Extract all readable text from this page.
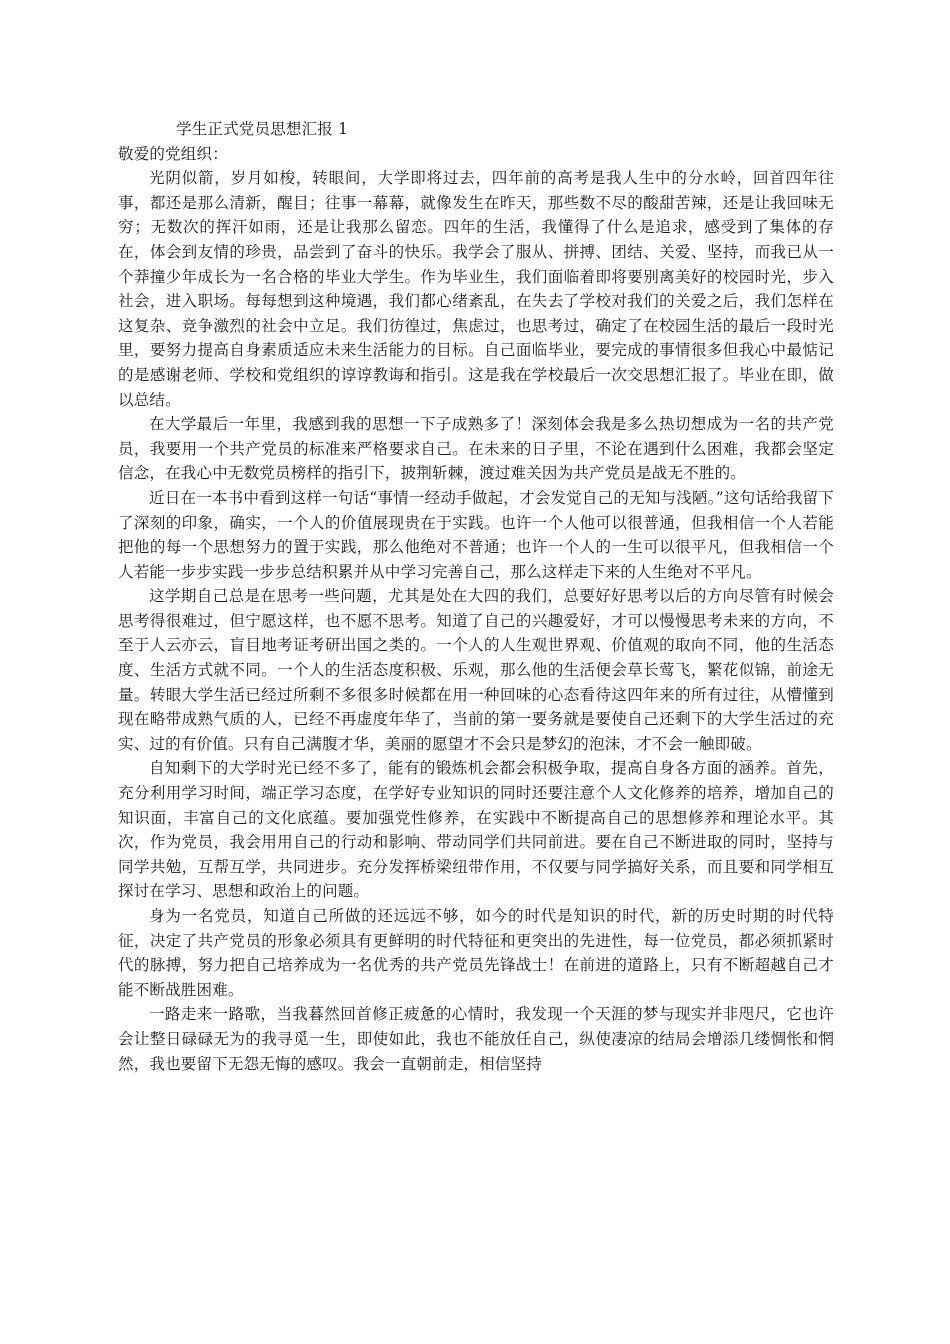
学生正式党员思想汇报 1

敬爱的党组织：

光阴似箭，岁月如梭，转眼间，大学即将过去，四年前的高考是我人生中的分水岭，回首四年往事，都还是那么清新，醒目；往事一幕幕，就像发生在昨天，那些数不尽的酸甜苦辣，还是让我回味无穷；无数次的挥汗如雨，还是让我那么留恋。四年的生活，我懂得了什么是追求，感受到了集体的存在，体会到友情的珍贵，品尝到了奋斗的快乐。我学会了服从、拼搏、团结、关爱、坚持，而我已从一个莽撞少年成长为一名合格的毕业大学生。作为毕业生，我们面临着即将要别离美好的校园时光，步入社会，进入职场。每每想到这种境遇，我们都心绪紊乱，在失去了学校对我们的关爱之后，我们怎样在这复杂、竞争激烈的社会中立足。我们彷徨过，焦虑过，也思考过，确定了在校园生活的最后一段时光里，要努力提高自身素质适应未来生活能力的目标。自己面临毕业，要完成的事情很多但我心中最惦记的是感谢老师、学校和党组织的谆谆教诲和指引。这是我在学校最后一次交思想汇报了。毕业在即，做以总结。

在大学最后一年里，我感到我的思想一下子成熟多了！深刻体会我是多么热切想成为一名的共产党员，我要用一个共产党员的标准来严格要求自己。在未来的日子里，不论在遇到什么困难，我都会坚定信念，在我心中无数党员榜样的指引下，披荆斩棘，渡过难关因为共产党员是战无不胜的。

近日在一本书中看到这样一句话“事情一经动手做起，才会发觉自己的无知与浅陋。”这句话给我留下了深刻的印象，确实，一个人的价值展现贵在于实践。也许一个人他可以很普通，但我相信一个人若能把他的每一个思想努力的置于实践，那么他绝对不普通；也许一个人的一生可以很平凡，但我相信一个人若能一步步实践一步步总结积累并从中学习完善自己，那么这样走下来的人生绝对不平凡。

这学期自己总是在思考一些问题，尤其是处在大四的我们，总要好好思考以后的方向尽管有时候会思考得很难过，但宁愿这样，也不愿不思考。知道了自己的兴趣爱好，才可以慢慢思考未来的方向，不至于人云亦云，盲目地考证考研出国之类的。一个人的人生观世界观、价值观的取向不同，他的生活态度、生活方式就不同。一个人的生活态度积极、乐观，那么他的生活便会草长莺飞，繁花似锦，前途无量。转眼大学生活已经过所剩不多很多时候都在用一种回味的心态看待这四年来的所有过往，从懵懂到现在略带成熟气质的人，已经不再虚度年华了，当前的第一要务就是要使自己还剩下的大学生活过的充实、过的有价值。只有自己满腹才华，美丽的愿望才不会只是梦幻的泡沫，才不会一触即破。

自知剩下的大学时光已经不多了，能有的锻炼机会都会积极争取，提高自身各方面的涵养。首先，充分利用学习时间，端正学习态度，在学好专业知识的同时还要注意个人文化修养的培养，增加自己的知识面，丰富自己的文化底蕴。要加强党性修养，在实践中不断提高自己的思想修养和理论水平。其次，作为党员，我会用用自己的行动和影响、带动同学们共同前进。要在自己不断进取的同时，坚持与同学共勉，互帮互学，共同进步。充分发挥桥梁纽带作用，不仅要与同学搞好关系，而且要和同学相互探讨在学习、思想和政治上的问题。

身为一名党员，知道自己所做的还远远不够，如今的时代是知识的时代，新的历史时期的时代特征，决定了共产党员的形象必须具有更鲜明的时代特征和更突出的先进性，每一位党员，都必须抓紧时代的脉搏，努力把自己培养成为一名优秀的共产党员先锋战士！在前进的道路上，只有不断超越自己才能不断战胜困难。

一路走来一路歌，当我暮然回首修正疲惫的心情时，我发现一个天涯的梦与现实并非咫尺，它也许会让整日碌碌无为的我寻觅一生，即使如此，我也不能放任自己，纵使凄凉的结局会增添几缕惆怅和惘然，我也要留下无怨无悔的感叹。我会一直朝前走，相信坚持
